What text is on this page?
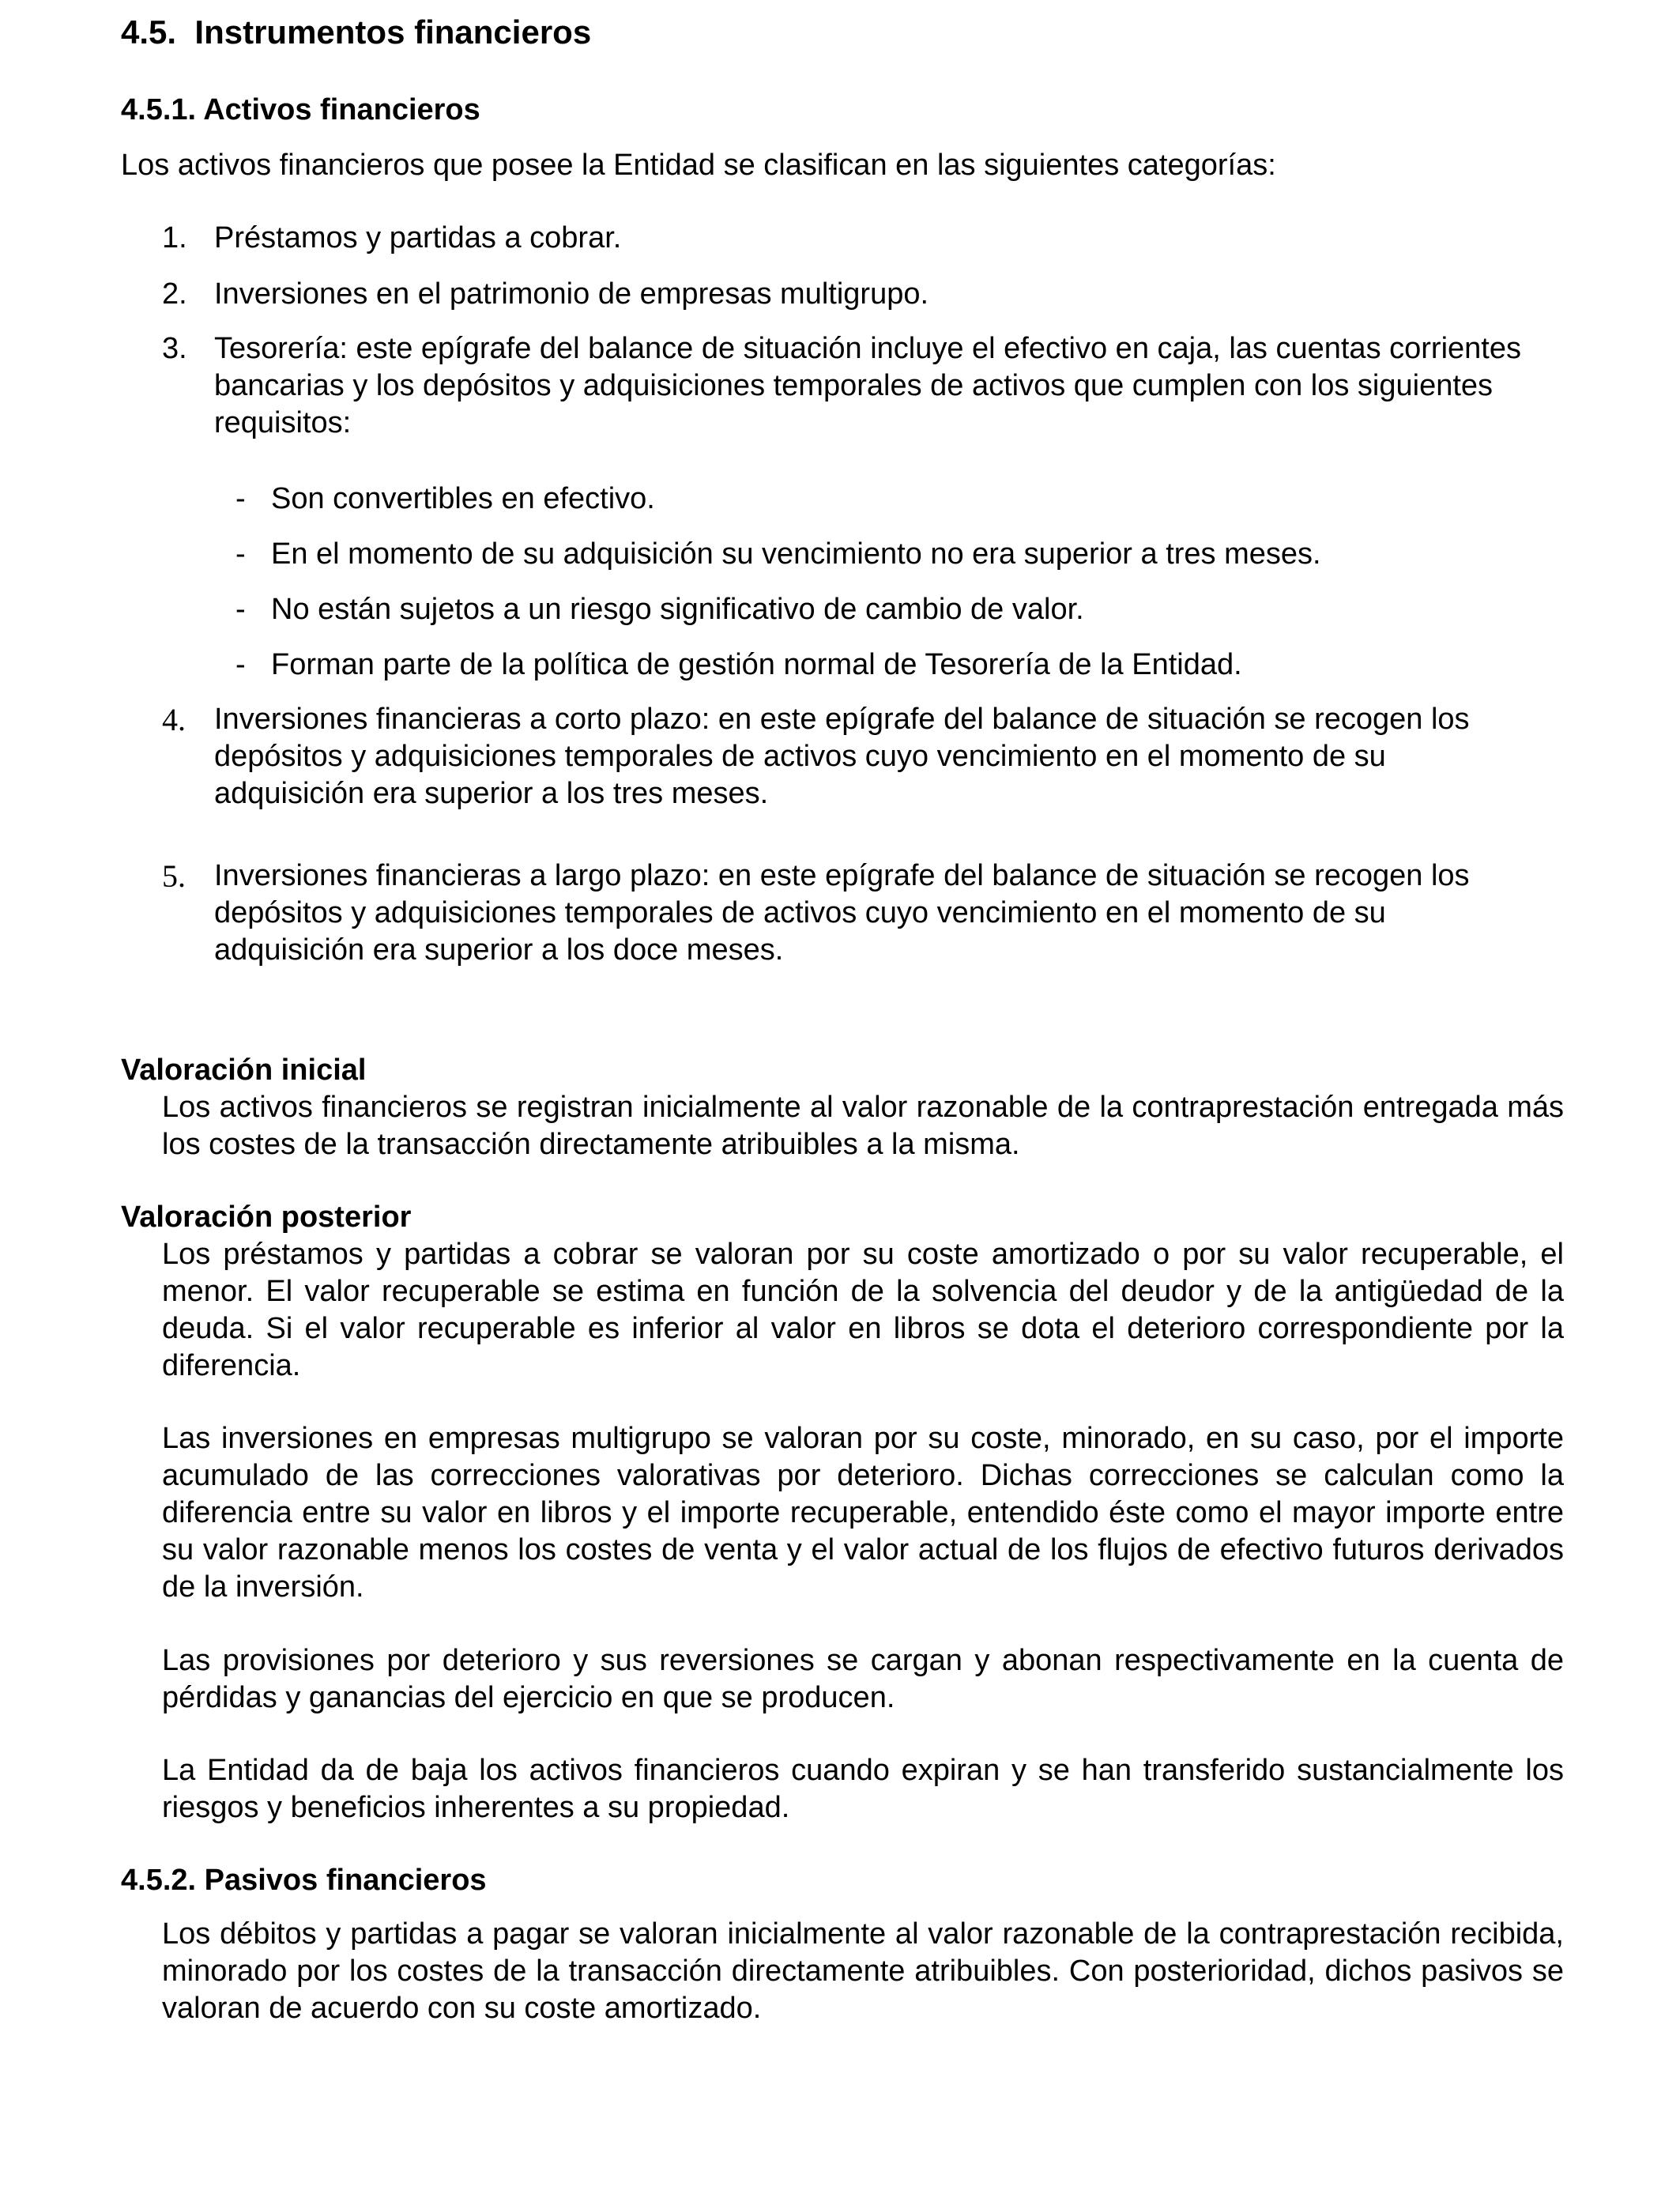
4.5. Instrumentos financieros
4.5.1. Activos financieros
Los activos financieros que posee la Entidad se clasifican en las siguientes categorías:
1. Préstamos y partidas a cobrar.
2. Inversiones en el patrimonio de empresas multigrupo.
3. Tesorería: este epígrafe del balance de situación incluye el efectivo en caja, las cuentas corrientes bancarias y los depósitos y adquisiciones temporales de activos que cumplen con los siguientes requisitos:
- Son convertibles en efectivo.
- En el momento de su adquisición su vencimiento no era superior a tres meses.
- No están sujetos a un riesgo significativo de cambio de valor.
- Forman parte de la política de gestión normal de Tesorería de la Entidad.
4. Inversiones financieras a corto plazo: en este epígrafe del balance de situación se recogen los depósitos y adquisiciones temporales de activos cuyo vencimiento en el momento de su adquisición era superior a los tres meses.
5. Inversiones financieras a largo plazo: en este epígrafe del balance de situación se recogen los depósitos y adquisiciones temporales de activos cuyo vencimiento en el momento de su adquisición era superior a los doce meses.
Valoración inicial
Los activos financieros se registran inicialmente al valor razonable de la contraprestación entregada más los costes de la transacción directamente atribuibles a la misma.
Valoración posterior
Los préstamos y partidas a cobrar se valoran por su coste amortizado o por su valor recuperable, el menor. El valor recuperable se estima en función de la solvencia del deudor y de la antigüedad de la deuda. Si el valor recuperable es inferior al valor en libros se dota el deterioro correspondiente por la diferencia.
Las inversiones en empresas multigrupo se valoran por su coste, minorado, en su caso, por el importe acumulado de las correcciones valorativas por deterioro. Dichas correcciones se calculan como la diferencia entre su valor en libros y el importe recuperable, entendido éste como el mayor importe entre su valor razonable menos los costes de venta y el valor actual de los flujos de efectivo futuros derivados de la inversión.
Las provisiones por deterioro y sus reversiones se cargan y abonan respectivamente en la cuenta de pérdidas y ganancias del ejercicio en que se producen.
La Entidad da de baja los activos financieros cuando expiran y se han transferido sustancialmente los riesgos y beneficios inherentes a su propiedad.
4.5.2. Pasivos financieros
Los débitos y partidas a pagar se valoran inicialmente al valor razonable de la contraprestación recibida, minorado por los costes de la transacción directamente atribuibles. Con posterioridad, dichos pasivos se valoran de acuerdo con su coste amortizado.
